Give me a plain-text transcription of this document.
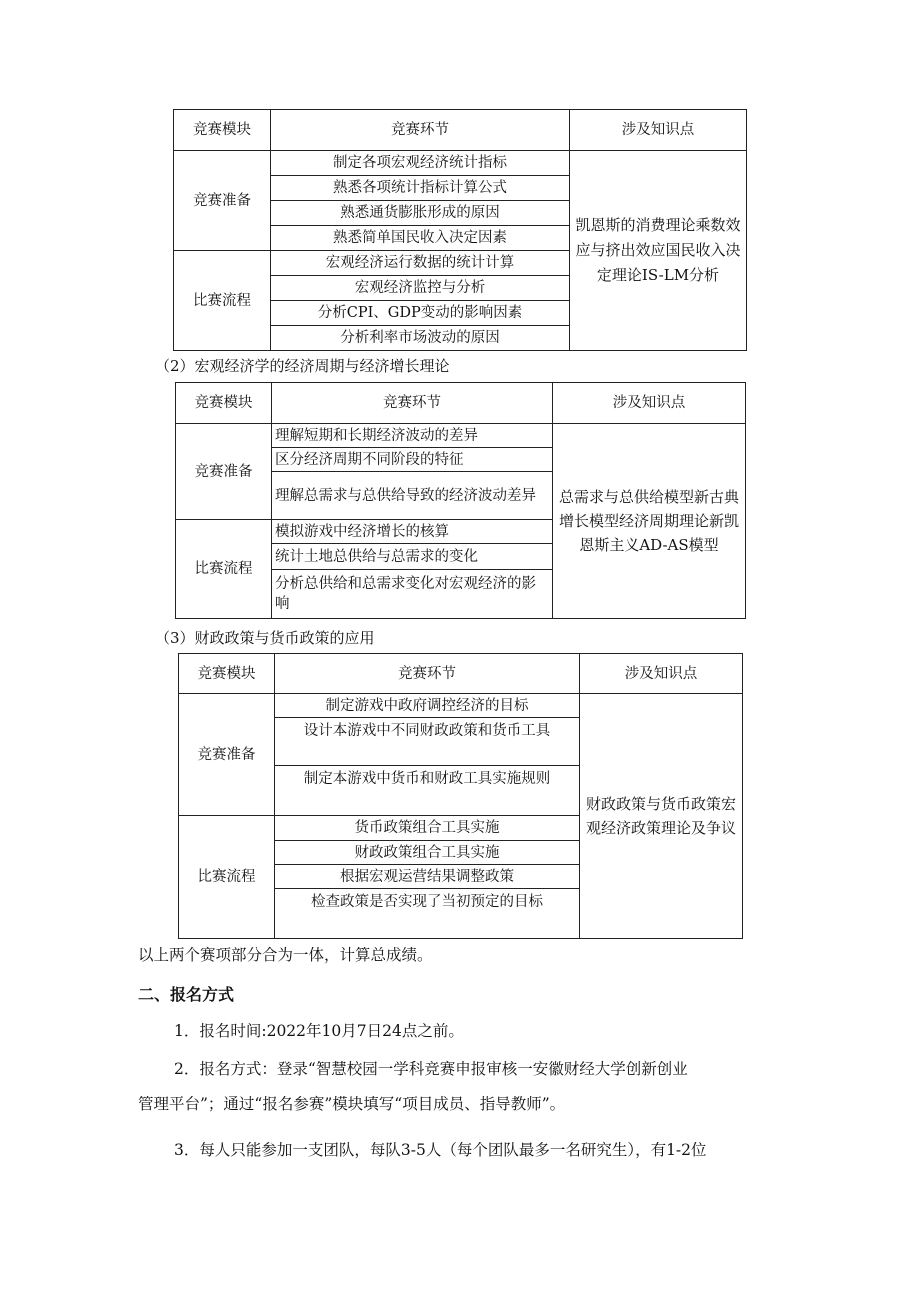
竞赛模块	竞赛环节	涉及知识点
竞赛准备	制定各项宏观经济统计指标	凯恩斯的消费理论乘数效应与挤出效应国民收入决定理论IS-LM分析
	熟悉各项统计指标计算公式	
	熟悉通货膨胀形成的原因	
	熟悉简单国民收入决定因素	
比赛流程	宏观经济运行数据的统计计算	
	宏观经济监控与分析	
	分析CPI、GDP变动的影响因素	
	分析利率市场波动的原因	
（2）宏观经济学的经济周期与经济增长理论
竞赛模块	竞赛环节	涉及知识点
竞赛准备	理解短期和长期经济波动的差异	总需求与总供给模型新古典增长模型经济周期理论新凯恩斯主义AD-AS模型
	区分经济周期不同阶段的特征	
	理解总需求与总供给导致的经济波动差异	
比赛流程	模拟游戏中经济增长的核算	
	统计土地总供给与总需求的变化	
	分析总供给和总需求变化对宏观经济的影响	
（3）财政政策与货币政策的应用
竞赛模块	竞赛环节	涉及知识点
竞赛准备	制定游戏中政府调控经济的目标	财政政策与货币政策宏观经济政策理论及争议
	设计本游戏中不同财政政策和货币工具	
	制定本游戏中货币和财政工具实施规则	
比赛流程	货币政策组合工具实施	
	财政政策组合工具实施	
	根据宏观运营结果调整政策	
	检查政策是否实现了当初预定的目标	
以上两个赛项部分合为一体，计算总成绩。
二、报名方式
1．报名时间:2022年10月7日24点之前。
2．报名方式：登录“智慧校园一学科竞赛申报审核一安徽财经大学创新创业
管理平台”；通过“报名参赛”模块填写“项目成员、指导教师”。
3．每人只能参加一支团队，每队3-5人（每个团队最多一名研究生），有1-2位
